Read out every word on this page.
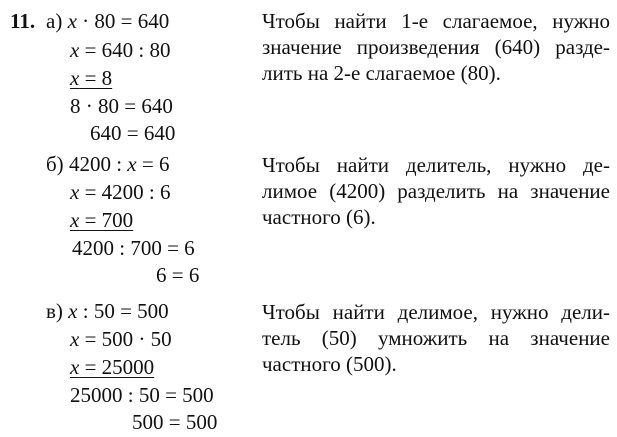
11. а) x · 80 = 640
x = 640 : 80
x = 8
8 · 80 = 640
640 = 640
Чтобы найти 1-е слагаемое, нужно
значение произведения (640) разде-
лить на 2-е слагаемое (80).
б) 4200 : x = 6
x = 4200 : 6
x = 700
4200 : 700 = 6
6 = 6
Чтобы найти делитель, нужно де-
лимое (4200) разделить на значение
частного (6).
в) x : 50 = 500
x = 500 · 50
x = 25000
25000 : 50 = 500
500 = 500
Чтобы найти делимое, нужно дели-
тель (50) умножить на значение
частного (500).
